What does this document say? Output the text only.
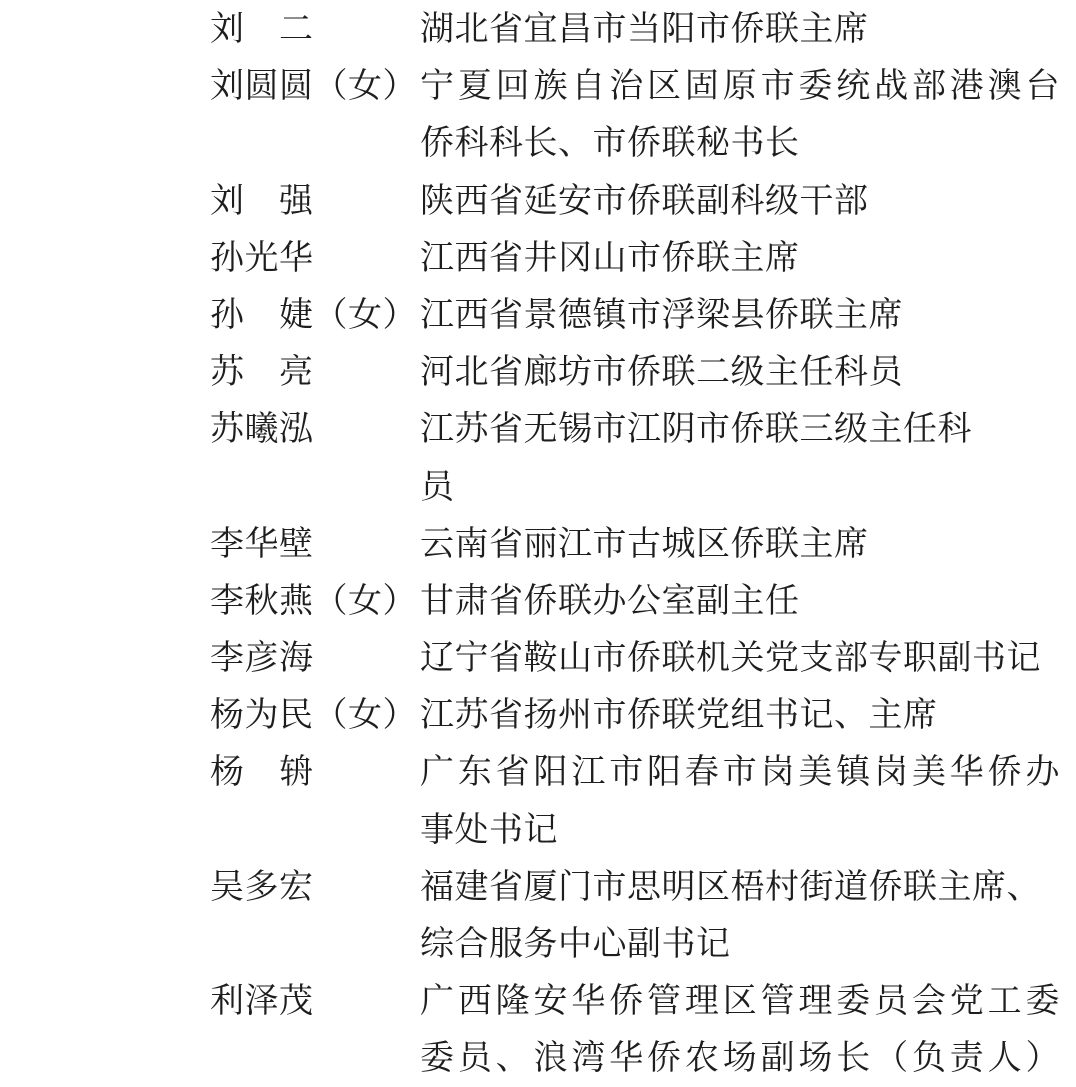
刘　二	湖北省宜昌市当阳市侨联主席
刘圆圆（女） 宁夏回族自治区固原市委统战部港澳台
侨科科长、市侨联秘书长
刘　强	陕西省延安市侨联副科级干部
孙光华	江西省井冈山市侨联主席
孙　婕（女） 江西省景德镇市浮梁县侨联主席
苏　亮	河北省廊坊市侨联二级主任科员
苏曦泓	江苏省无锡市江阴市侨联三级主任科
员
李华壁	云南省丽江市古城区侨联主席
李秋燕（女） 甘肃省侨联办公室副主任
李彦海	辽宁省鞍山市侨联机关党支部专职副书记
杨为民（女） 江苏省扬州市侨联党组书记、主席
杨　辀	广东省阳江市阳春市岗美镇岗美华侨办
事处书记
吴多宏	福建省厦门市思明区梧村街道侨联主席、
综合服务中心副书记
利泽茂	广西隆安华侨管理区管理委员会党工委
委员、浪湾华侨农场副场长（负责人）
